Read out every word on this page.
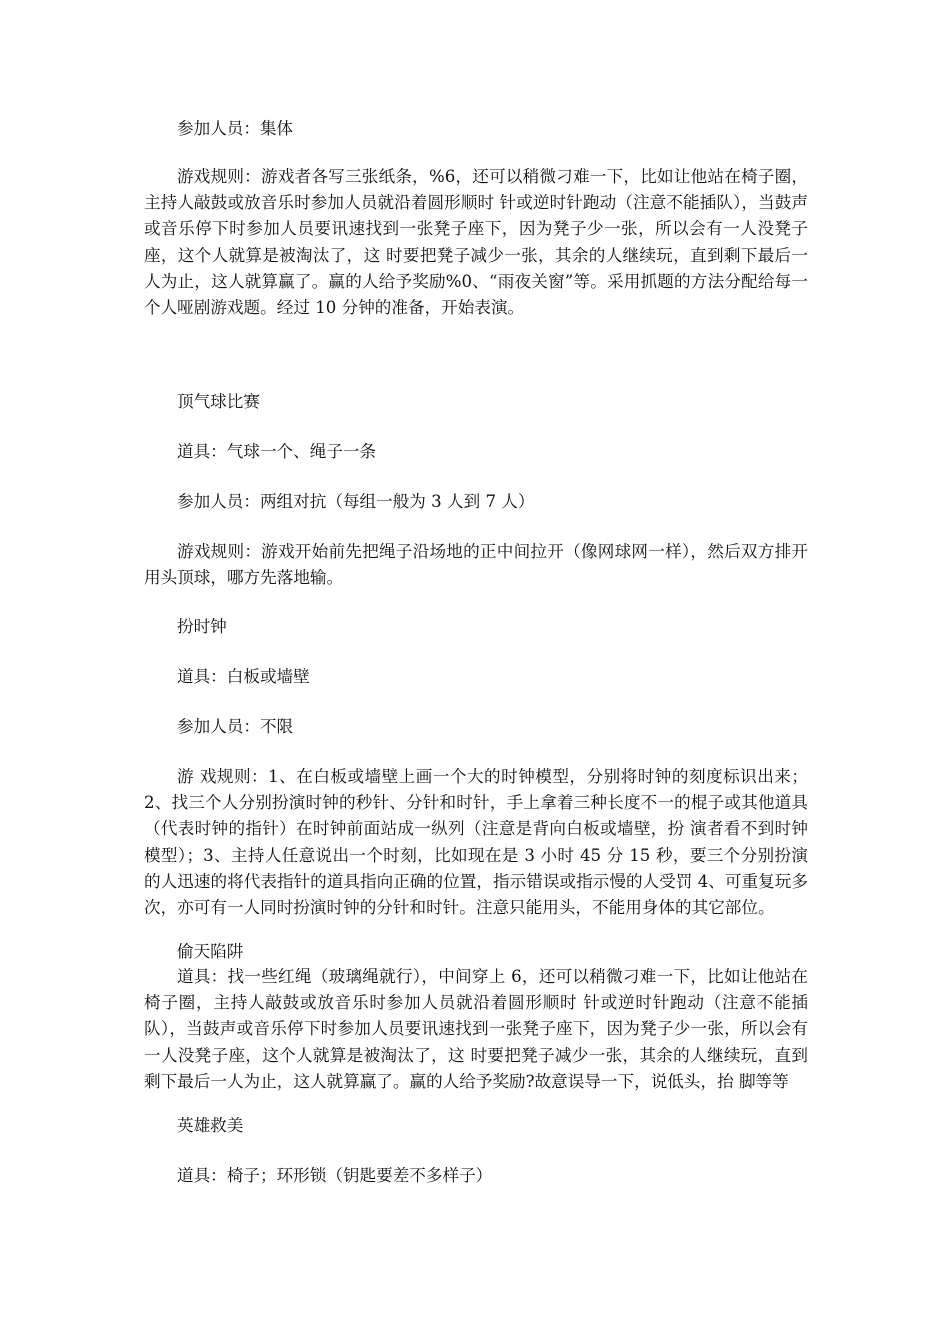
参加人员：集体

游戏规则：游戏者各写三张纸条，%6，还可以稍微刁难一下，比如让他站在椅子圈，主持人敲鼓或放音乐时参加人员就沿着圆形顺时 针或逆时针跑动（注意不能插队），当鼓声或音乐停下时参加人员要讯速找到一张凳子座下，因为凳子少一张，所以会有一人没凳子座，这个人就算是被淘汰了，这 时要把凳子减少一张，其余的人继续玩，直到剩下最后一人为止，这人就算赢了。赢的人给予奖励%0、“雨夜关窗”等。采用抓题的方法分配给每一个人哑剧游戏题。经过 10 分钟的准备，开始表演。

顶气球比赛

道具：气球一个、绳子一条

参加人员：两组对抗（每组一般为 3 人到 7 人）

游戏规则：游戏开始前先把绳子沿场地的正中间拉开（像网球网一样），然后双方排开用头顶球，哪方先落地输。

扮时钟

道具：白板或墙壁

参加人员：不限

游 戏规则：1、在白板或墙壁上画一个大的时钟模型，分别将时钟的刻度标识出来； 2、找三个人分别扮演时钟的秒针、分针和时针，手上拿着三种长度不一的棍子或其他道具（代表时钟的指针）在时钟前面站成一纵列（注意是背向白板或墙壁，扮 演者看不到时钟模型）；3、主持人任意说出一个时刻，比如现在是 3 小时 45 分 15 秒，要三个分别扮演的人迅速的将代表指针的道具指向正确的位置，指示错误或指示慢的人受罚 4、可重复玩多次，亦可有一人同时扮演时钟的分针和时针。注意只能用头，不能用身体的其它部位。

偷天陷阱

道具：找一些红绳（玻璃绳就行），中间穿上 6，还可以稍微刁难一下，比如让他站在椅子圈，主持人敲鼓或放音乐时参加人员就沿着圆形顺时 针或逆时针跑动（注意不能插队），当鼓声或音乐停下时参加人员要讯速找到一张凳子座下，因为凳子少一张，所以会有一人没凳子座，这个人就算是被淘汰了，这 时要把凳子减少一张，其余的人继续玩，直到剩下最后一人为止，这人就算赢了。赢的人给予奖励?故意误导一下，说低头，抬 脚等等

英雄救美

道具：椅子；环形锁（钥匙要差不多样子）
